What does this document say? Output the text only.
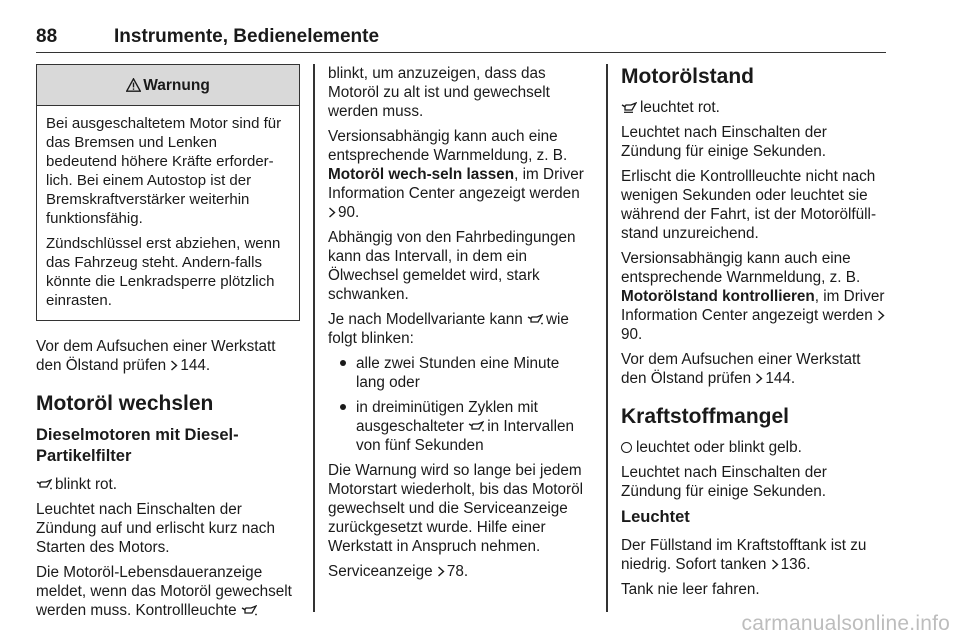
88	Instrumente, Bedienelemente
Warnung

Bei ausgeschaltetem Motor sind für das Bremsen und Lenken bedeutend höhere Kräfte erforder-lich. Bei einem Autostop ist der Bremskraftverstärker weiterhin funktionsfähig.

Zündschlüssel erst abziehen, wenn das Fahrzeug steht. Andern-falls könnte die Lenkradsperre plötzlich einrasten.

Vor dem Aufsuchen einer Werkstatt den Ölstand prüfen 144.

Motoröl wechslen
Dieselmotoren mit Diesel-Partikelfilter

blinkt rot.

Leuchtet nach Einschalten der Zündung auf und erlischt kurz nach Starten des Motors.

Die Motoröl-Lebensdaueranzeige meldet, wenn das Motoröl gewechselt werden muss. Kontrollleuchte

blinkt, um anzuzeigen, dass das Motoröl zu alt ist und gewechselt werden muss.

Versionsabhängig kann auch eine entsprechende Warnmeldung, z. B. Motoröl wech-seln lassen, im Driver Information Center angezeigt werden 90.

Abhängig von den Fahrbedingungen kann das Intervall, in dem ein Ölwechsel gemeldet wird, stark schwanken.

Je nach Modellvariante kann wie folgt blinken:

alle zwei Stunden eine Minute lang oder
in dreiminütigen Zyklen mit ausgeschalteter in Intervallen von fünf Sekunden

Die Warnung wird so lange bei jedem Motorstart wiederholt, bis das Motoröl gewechselt und die Serviceanzeige zurückgesetzt wurde. Hilfe einer Werkstatt in Anspruch nehmen.

Serviceanzeige 78.

Motorölstand

leuchtet rot.

Leuchtet nach Einschalten der Zündung für einige Sekunden.

Erlischt die Kontrollleuchte nicht nach wenigen Sekunden oder leuchtet sie während der Fahrt, ist der Motorölfüll-stand unzureichend.

Versionsabhängig kann auch eine entsprechende Warnmeldung, z. B. Motorölstand kontrollieren, im Driver Information Center angezeigt werden 90.

Vor dem Aufsuchen einer Werkstatt den Ölstand prüfen 144.

Kraftstoffmangel

leuchtet oder blinkt gelb.

Leuchtet nach Einschalten der Zündung für einige Sekunden.

Leuchtet

Der Füllstand im Kraftstofftank ist zu niedrig. Sofort tanken 136.

Tank nie leer fahren.

carmanualsonline.info
